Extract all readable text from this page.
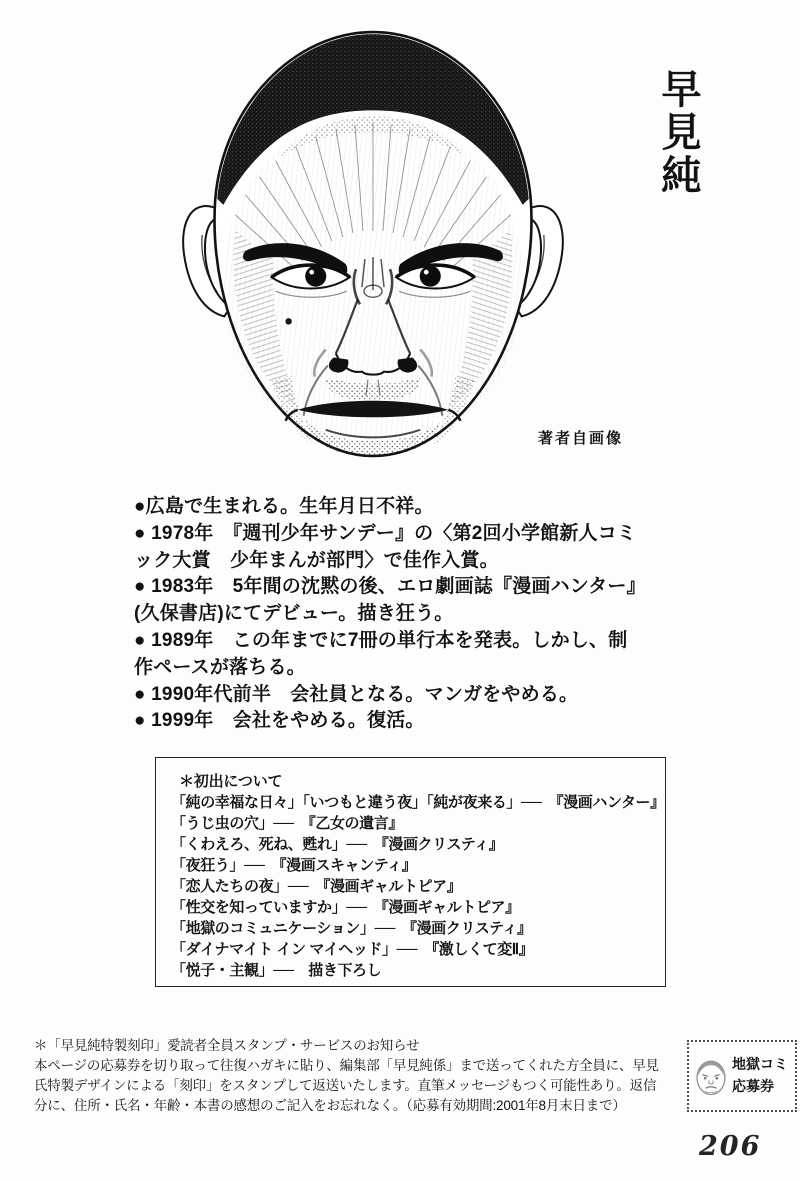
著者自画像
早見純
●広島で生まれる。生年月日不祥。
● 1978年　『週刊少年サンデー』の〈第2回小学館新人コミ
ック大賞　少年まんが部門〉で佳作入賞。
● 1983年　5年間の沈黙の後、エロ劇画誌『漫画ハンター』
(久保書店)にてデビュー。描き狂う。
● 1989年　この年までに7冊の単行本を発表。しかし、制
作ペースが落ちる。
● 1990年代前半　会社員となる。マンガをやめる。
● 1999年　会社をやめる。復活。
＊初出について
「純の幸福な日々」「いつもと違う夜」「純が夜来る」──　『漫画ハンター』
「うじ虫の穴」──　『乙女の遺言』
「くわえろ、死ね、甦れ」──　『漫画クリスティ』
「夜狂う」──　『漫画スキャンティ』
「恋人たちの夜」──　『漫画ギャルトピア』
「性交を知っていますか」──　『漫画ギャルトピア』
「地獄のコミュニケーション」──　『漫画クリスティ』
「ダイナマイト イン マイヘッド」──　『激しくて変Ⅱ』
「悦子・主観」──　描き下ろし
＊「早見純特製刻印」愛読者全員スタンプ・サービスのお知らせ
本ページの応募券を切り取って往復ハガキに貼り、編集部「早見純係」まで送ってくれた方全員に、早見
氏特製デザインによる「刻印」をスタンプして返送いたします。直筆メッセージもつく可能性あり。返信
分に、住所・氏名・年齢・本書の感想のご記入をお忘れなく。（応募有効期間:2001年8月末日まで）
地獄コミ
応募券
206
